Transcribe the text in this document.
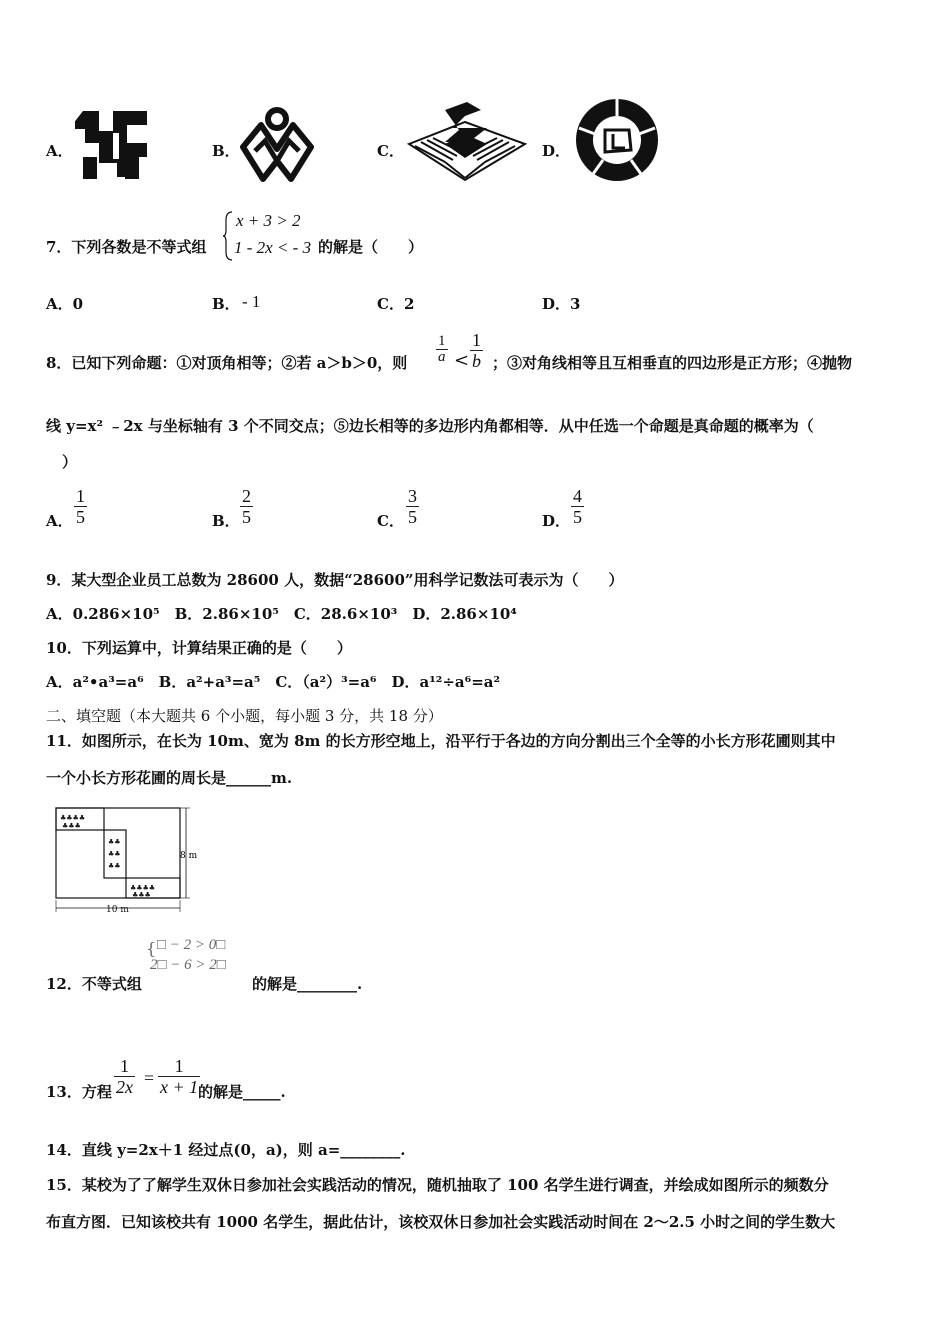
A．	B．	C．	D．
7．下列各数是不等式组
x + 3 > 2
1 - 2x < - 3 的解是（　　）
A．0	B． - 1	C．2	D．3
8．已知下列命题：①对顶角相等；②若 a＞b＞0，则 $\frac{1}{a} < \frac{1}{b}$ ；③对角线相等且互相垂直的四边形是正方形；④抛物
线 y=x² ﹣2x 与坐标轴有 3 个不同交点；⑤边长相等的多边形内角都相等．从中任选一个命题是真命题的概率为（
）
A． $\frac{1}{5}$	B． $\frac{2}{5}$	C． $\frac{3}{5}$	D． $\frac{4}{5}$
9．某大型企业员工总数为 28600 人，数据“28600”用科学记数法可表示为（　　）
A．0.286×10⁵　B．2.86×10⁵　C．28.6×10³　D．2.86×10⁴
10．下列运算中，计算结果正确的是（　　）
A．a²•a³=a⁶　B．a²+a³=a⁵　C．（a²）³=a⁶　D．a¹²÷a⁶=a²
二、填空题（本大题共 6 个小题，每小题 3 分，共 18 分）
11．如图所示，在长为 10m、宽为 8m 的长方形空地上，沿平行于各边的方向分割出三个全等的小长方形花圃则其中
一个小长方形花圃的周长是______m.
♣♣♣♣
♣♣♣
♣♣
♣♣
♣♣
♣♣♣♣
♣♣♣
8 m
10 m
12．不等式组
{ □ − 2 > 0□
2□ − 6 > 2□
的解是________.
13．方程 $\frac{1}{2x} = \frac{1}{x + 1}$
的解是_____.
14．直线 y=2x＋1 经过点(0，a)，则 a=________.
15．某校为了了解学生双休日参加社会实践活动的情况，随机抽取了 100 名学生进行调查，并绘成如图所示的频数分
布直方图．已知该校共有 1000 名学生，据此估计，该校双休日参加社会实践活动时间在 2～2.5 小时之间的学生数大
